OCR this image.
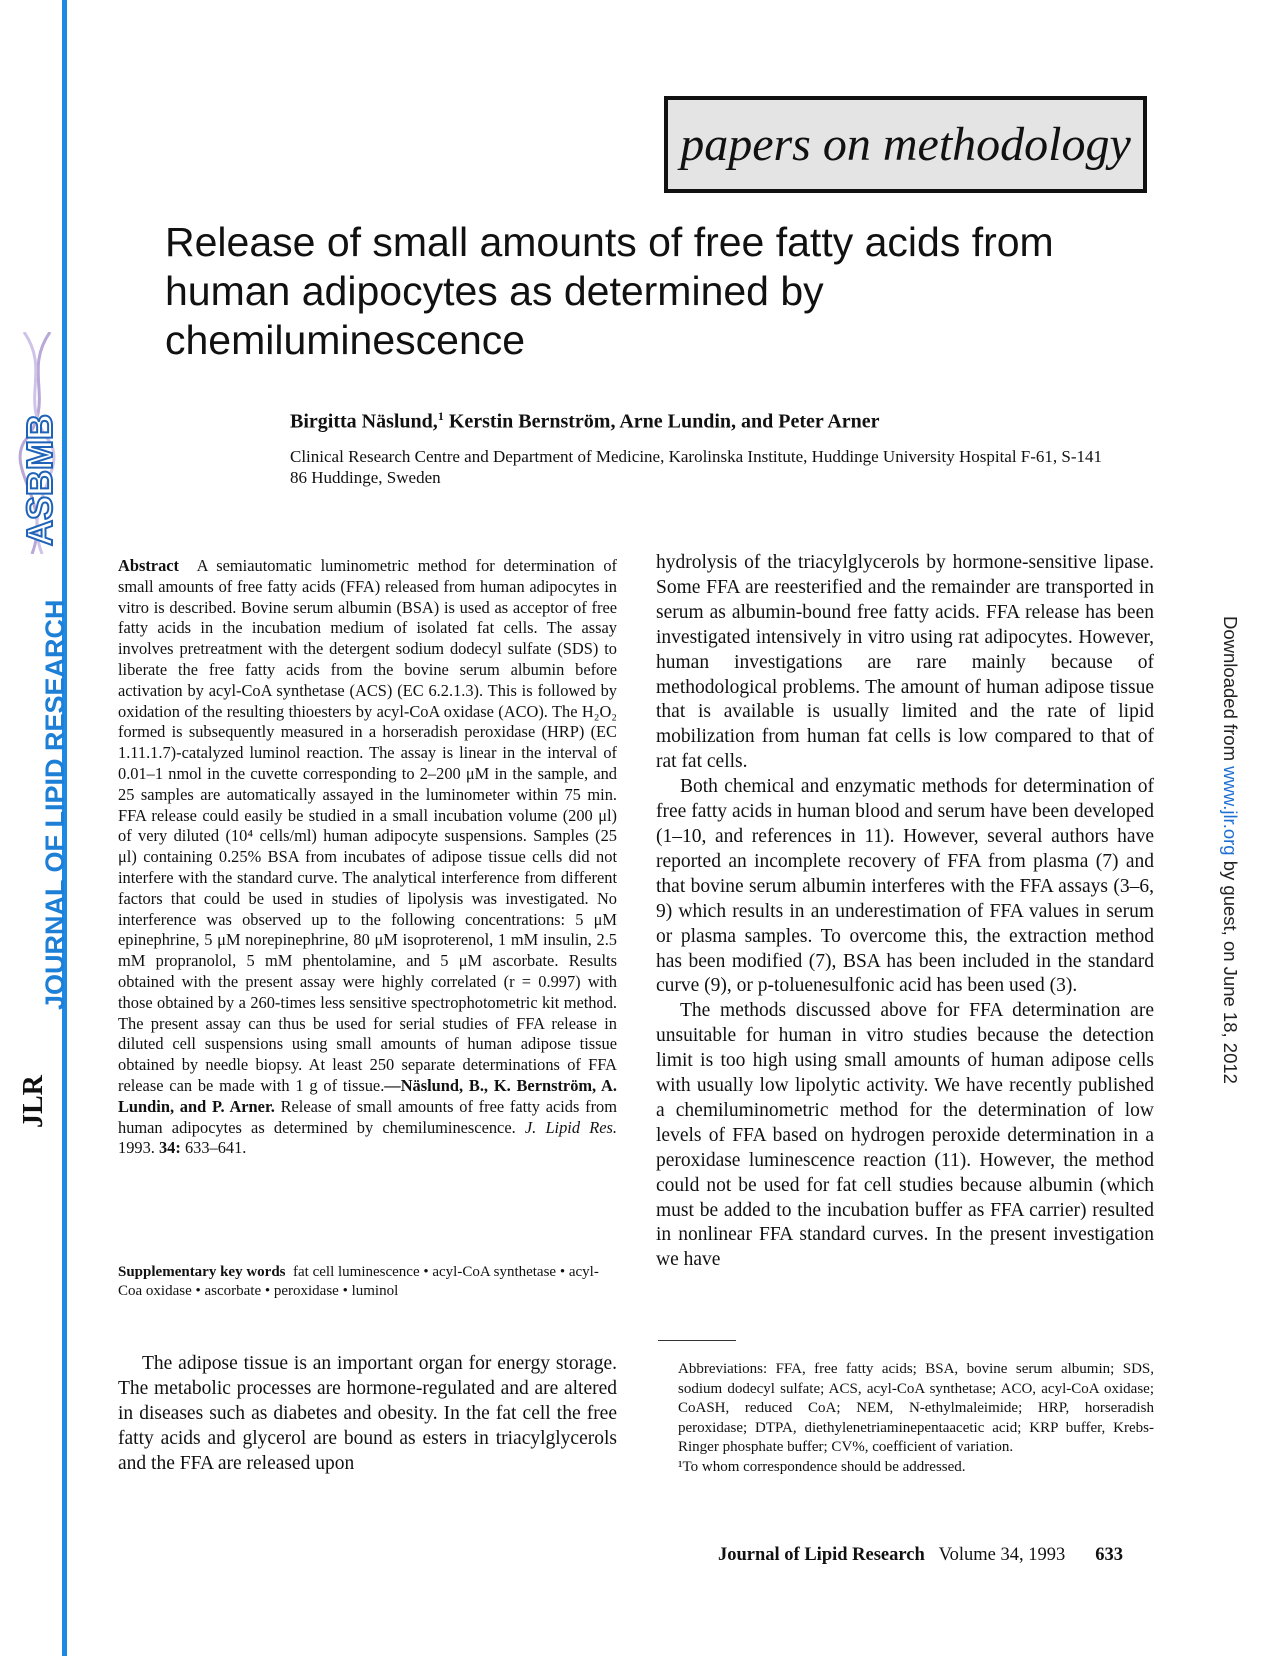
ASBMB
JOURNAL OF LIPID RESEARCH
JLR
Downloaded from www.jlr.org by guest, on June 18, 2012
papers on methodology
Release of small amounts of free fatty acids from human adipocytes as determined by chemiluminescence
Birgitta Näslund,$^1$ Kerstin Bernström, Arne Lundin, and Peter Arner
Clinical Research Centre and Department of Medicine, Karolinska Institute, Huddinge University Hospital F-61, S-141 86 Huddinge, Sweden
Abstract A semiautomatic luminometric method for determination of small amounts of free fatty acids (FFA) released from human adipocytes in vitro is described. Bovine serum albumin (BSA) is used as acceptor of free fatty acids in the incubation medium of isolated fat cells. The assay involves pretreatment with the detergent sodium dodecyl sulfate (SDS) to liberate the free fatty acids from the bovine serum albumin before activation by acyl-CoA synthetase (ACS) (EC 6.2.1.3). This is followed by oxidation of the resulting thioesters by acyl-CoA oxidase (ACO). The H₂O₂ formed is subsequently measured in a horseradish peroxidase (HRP) (EC 1.11.1.7)-catalyzed luminol reaction. The assay is linear in the interval of 0.01–1 nmol in the cuvette corresponding to 2–200 μM in the sample, and 25 samples are automatically assayed in the luminometer within 75 min. FFA release could easily be studied in a small incubation volume (200 μl) of very diluted (10⁴ cells/ml) human adipocyte suspensions. Samples (25 μl) containing 0.25% BSA from incubates of adipose tissue cells did not interfere with the standard curve. The analytical interference from different factors that could be used in studies of lipolysis was investigated. No interference was observed up to the following concentrations: 5 μM epinephrine, 5 μM norepinephrine, 80 μM isoproterenol, 1 mM insulin, 2.5 mM propranolol, 5 mM phentolamine, and 5 μM ascorbate. Results obtained with the present assay were highly correlated (r = 0.997) with those obtained by a 260-times less sensitive spectrophotometric kit method. The present assay can thus be used for serial studies of FFA release in diluted cell suspensions using small amounts of human adipose tissue obtained by needle biopsy. At least 250 separate determinations of FFA release can be made with 1 g of tissue.—Näslund, B., K. Bernström, A. Lundin, and P. Arner. Release of small amounts of free fatty acids from human adipocytes as determined by chemiluminescence. J. Lipid Res. 1993. 34: 633–641.
Supplementary key words fat cell luminescence • acyl-CoA synthetase • acyl-Coa oxidase • ascorbate • peroxidase • luminol
The adipose tissue is an important organ for energy storage. The metabolic processes are hormone-regulated and are altered in diseases such as diabetes and obesity. In the fat cell the free fatty acids and glycerol are bound as esters in triacylglycerols and the FFA are released upon

hydrolysis of the triacylglycerols by hormone-sensitive lipase. Some FFA are reesterified and the remainder are transported in serum as albumin-bound free fatty acids. FFA release has been investigated intensively in vitro using rat adipocytes. However, human investigations are rare mainly because of methodological problems. The amount of human adipose tissue that is available is usually limited and the rate of lipid mobilization from human fat cells is low compared to that of rat fat cells.

Both chemical and enzymatic methods for determination of free fatty acids in human blood and serum have been developed (1–10, and references in 11). However, several authors have reported an incomplete recovery of FFA from plasma (7) and that bovine serum albumin interferes with the FFA assays (3–6, 9) which results in an underestimation of FFA values in serum or plasma samples. To overcome this, the extraction method has been modified (7), BSA has been included in the standard curve (9), or p-toluenesulfonic acid has been used (3).

The methods discussed above for FFA determination are unsuitable for human in vitro studies because the detection limit is too high using small amounts of human adipose cells with usually low lipolytic activity. We have recently published a chemiluminometric method for the determination of low levels of FFA based on hydrogen peroxide determination in a peroxidase luminescence reaction (11). However, the method could not be used for fat cell studies because albumin (which must be added to the incubation buffer as FFA carrier) resulted in nonlinear FFA standard curves. In the present investigation we have

Abbreviations: FFA, free fatty acids; BSA, bovine serum albumin; SDS, sodium dodecyl sulfate; ACS, acyl-CoA synthetase; ACO, acyl-CoA oxidase; CoASH, reduced CoA; NEM, N-ethylmaleimide; HRP, horseradish peroxidase; DTPA, diethylenetriaminepentaacetic acid; KRP buffer, Krebs-Ringer phosphate buffer; CV%, coefficient of variation.

¹To whom correspondence should be addressed.

Journal of Lipid Research Volume 34, 1993 633
